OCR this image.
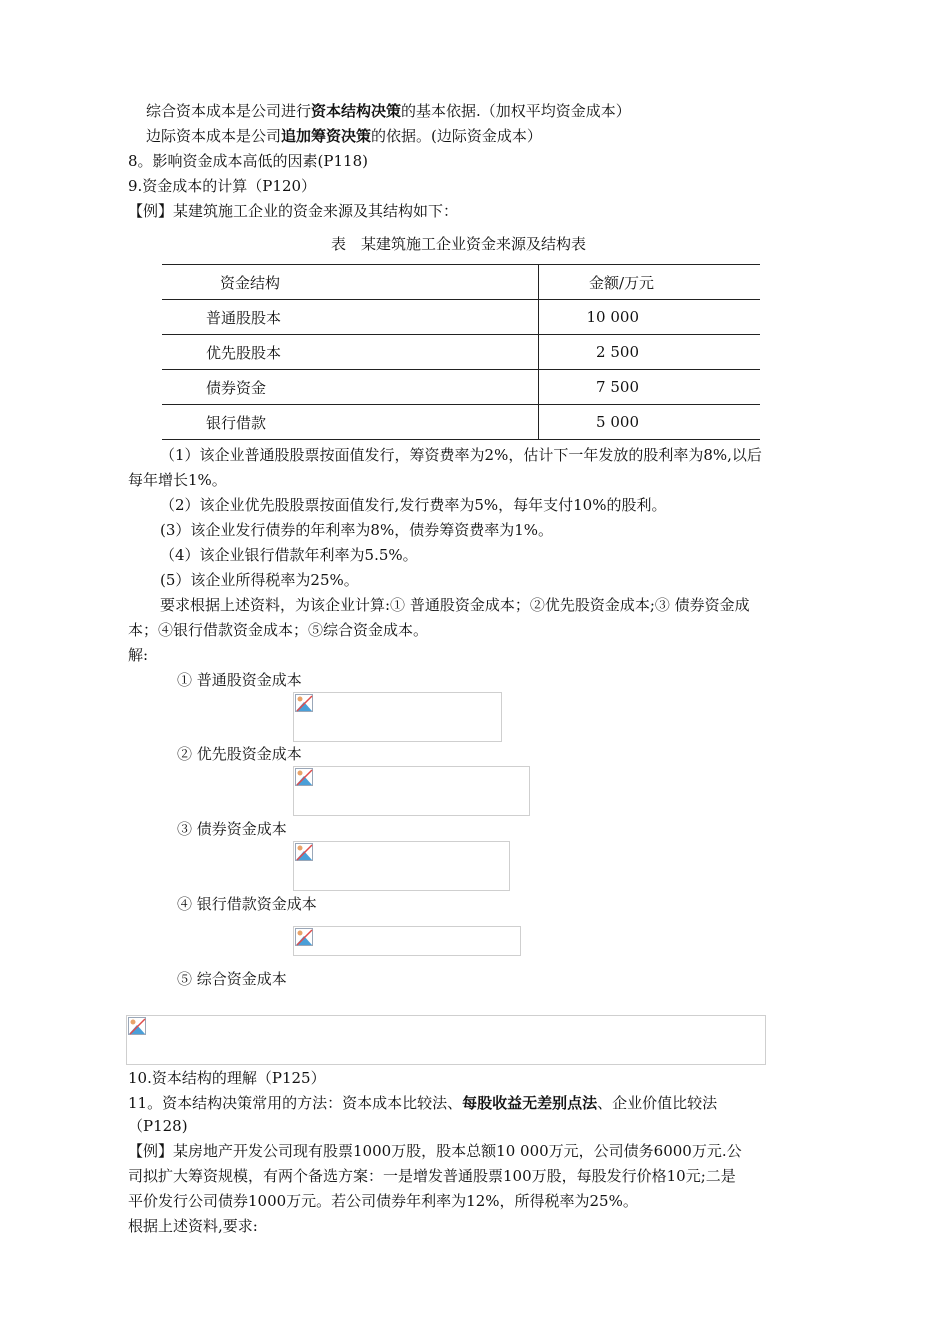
综合资本成本是公司进行资本结构决策的基本依据.（加权平均资金成本）
边际资本成本是公司追加筹资决策的依据。(边际资金成本）
8。影响资金成本高低的因素(P118)
9.资金成本的计算（P120）
【例】某建筑施工企业的资金来源及其结构如下：
表　某建筑施工企业资金来源及结构表
资金结构	金额/万元
普通股股本	10 000
优先股股本	2 500
债券资金	7 500
银行借款	5 000
（1）该企业普通股股票按面值发行，筹资费率为2%，估计下一年发放的股利率为8%,以后
每年增长1%。
（2）该企业优先股股票按面值发行,发行费率为5%，每年支付10%的股利。
(3）该企业发行债券的年利率为8%，债券筹资费率为1%。
（4）该企业银行借款年利率为5.5%。
(5）该企业所得税率为25%。
要求根据上述资料，为该企业计算:① 普通股资金成本；②优先股资金成本;③ 债券资金成
本；④银行借款资金成本；⑤综合资金成本。
解:
① 普通股资金成本
② 优先股资金成本
③ 债券资金成本
④ 银行借款资金成本
⑤ 综合资金成本
10.资本结构的理解（P125）
11。资本结构决策常用的方法：资本成本比较法、每股收益无差别点法、企业价值比较法
（P128)
【例】某房地产开发公司现有股票1000万股，股本总额10 000万元，公司债务6000万元.公
司拟扩大筹资规模，有两个备选方案：一是增发普通股票100万股，每股发行价格10元;二是
平价发行公司债券1000万元。若公司债券年利率为12%，所得税率为25%。
根据上述资料,要求:
